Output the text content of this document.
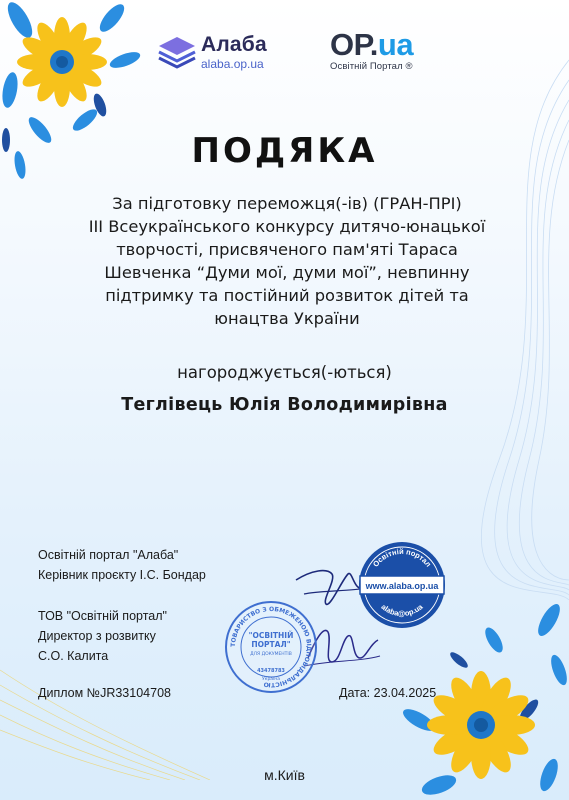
Алаба
alaba.op.ua
OP.ua
Освітній Портал ®
ПОДЯКА
За підготовку переможця(-ів) (ГРАН-ПРІ)
ІІІ Всеукраїнського конкурсу дитячо-юнацької
творчості, присвяченого пам'яті Тараса
Шевченка “Думи мої, думи мої”, невпинну
підтримку та постійний розвиток дітей та
юнацтва України
нагороджується(-ються)
Теглівець Юлія Володимирівна
Освітній портал "Алаба"
Керівник проєкту І.С. Бондар
ТОВ "Освітній портал"
Директор з розвитку
С.О. Калита
ТОВАРИСТВО З ОБМЕЖЕНОЮ ВІДПОВІДАЛЬНІСТЮ
"ОСВІТНІЙ
ПОРТАЛ"
ДЛЯ ДОКУМЕНТІВ
43478783
Україна
www.alaba.op.ua
Освітній портал
alaba@op.ua
Диплом №JR33104708	Дата: 23.04.2025
м.Київ
